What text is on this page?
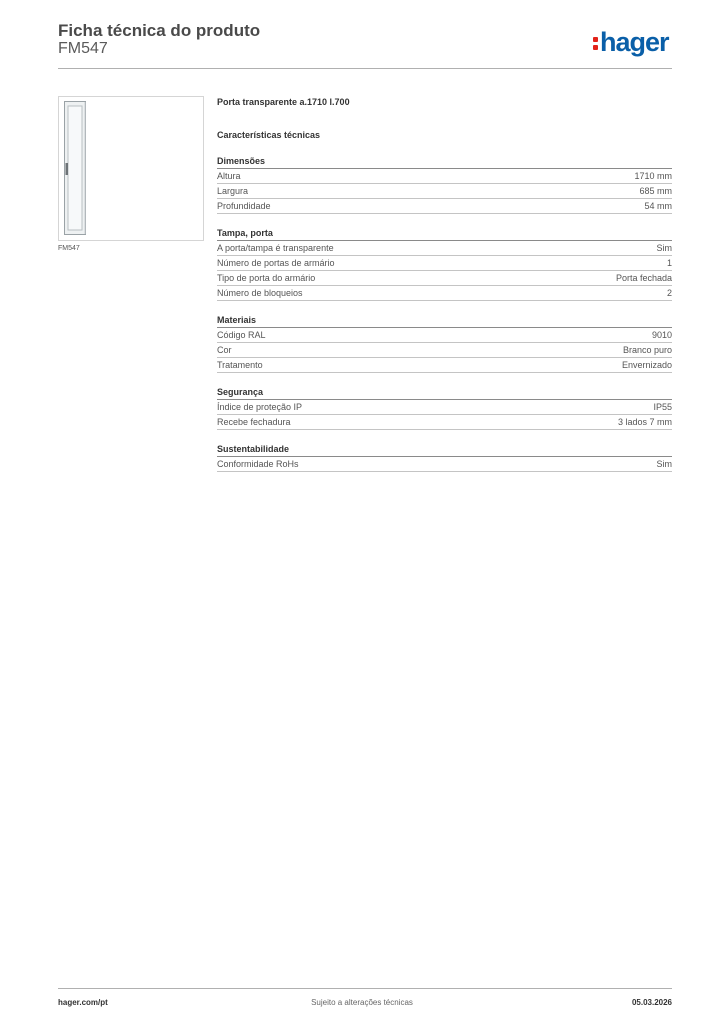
Ficha técnica do produto
FM547	hager
FM547
Porta transparente a.1710 l.700
Características técnicas
Dimensões
Altura	1710 mm
Largura	685 mm
Profundidade	54 mm
Tampa, porta
A porta/tampa é transparente	Sim
Número de portas de armário	1
Tipo de porta do armário	Porta fechada
Número de bloqueios	2
Materiais
Código RAL	9010
Cor	Branco puro
Tratamento	Envernizado
Segurança
Índice de proteção IP	IP55
Recebe fechadura	3 lados 7 mm
Sustentabilidade
Conformidade RoHs	Sim
hager.com/pt	Sujeito a alterações técnicas	05.03.2026
